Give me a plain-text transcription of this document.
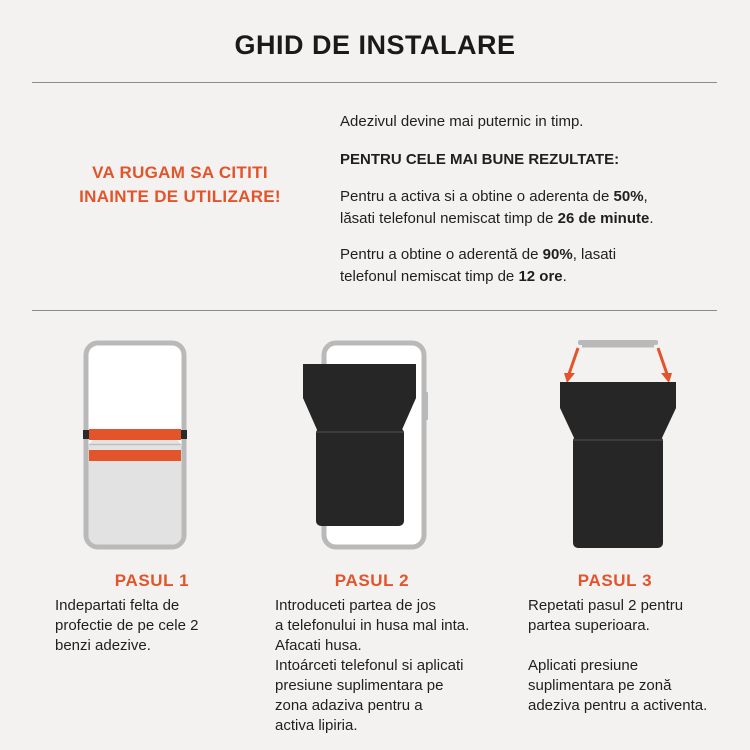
GHID DE INSTALARE
VA RUGAM SA CITITI
INAINTE DE UTILIZARE!
Adezivul devine mai puternic in timp.
PENTRU CELE MAI BUNE REZULTATE:
Pentru a activa si a obtine o aderenta de 50%,
lăsati telefonul nemiscat timp de 26 de minute.
Pentru a obtine o aderentă de 90%, lasati
telefonul nemiscat timp de 12 ore.
PASUL 1	PASUL 2	PASUL 3
Indepartati felta de
profectie de pe cele 2
benzi adezive.
Introduceti partea de jos
a telefonului in husa mal inta.
Afacati husa.
Intoárceti telefonul si aplicati
presiune suplimentara pe
zona adaziva pentru a
activa lipiria.
Repetati pasul 2 pentru
partea superioara.

Aplicati presiune
suplimentara pe zonă
adeziva pentru a activenta.
